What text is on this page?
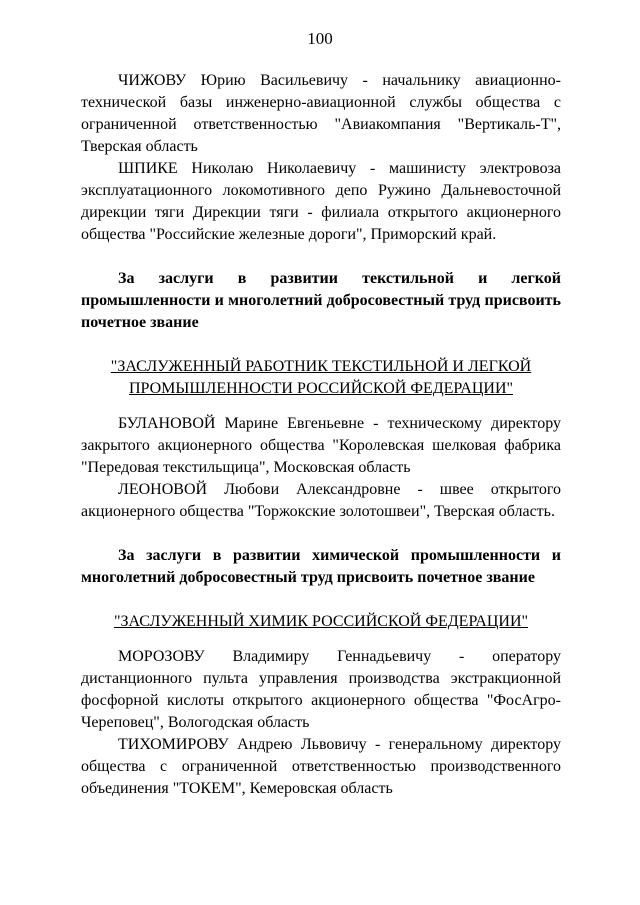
100

ЧИЖОВУ Юрию Васильевичу - начальнику авиационно-технической базы инженерно-авиационной службы общества с ограниченной ответственностью "Авиакомпания "Вертикаль-Т", Тверская область

ШПИКЕ Николаю Николаевичу - машинисту электровоза эксплуатационного локомотивного депо Ружино Дальневосточной дирекции тяги Дирекции тяги - филиала открытого акционерного общества "Российские железные дороги", Приморский край.

За заслуги в развитии текстильной и легкой промышленности и многолетний добросовестный труд присвоить почетное звание

"ЗАСЛУЖЕННЫЙ РАБОТНИК ТЕКСТИЛЬНОЙ И ЛЕГКОЙ
ПРОМЫШЛЕННОСТИ РОССИЙСКОЙ ФЕДЕРАЦИИ"

БУЛАНОВОЙ Марине Евгеньевне - техническому директору закрытого акционерного общества "Королевская шелковая фабрика "Передовая текстильщица", Московская область

ЛЕОНОВОЙ Любови Александровне - швее открытого акционерного общества "Торжокские золотошвеи", Тверская область.

За заслуги в развитии химической промышленности и многолетний добросовестный труд присвоить почетное звание

"ЗАСЛУЖЕННЫЙ ХИМИК РОССИЙСКОЙ ФЕДЕРАЦИИ"

МОРОЗОВУ Владимиру Геннадьевичу - оператору дистанционного пульта управления производства экстракционной фосфорной кислоты открытого акционерного общества "ФосАгро-Череповец", Вологодская область

ТИХОМИРОВУ Андрею Львовичу - генеральному директору общества с ограниченной ответственностью производственного объединения "ТОКЕМ", Кемеровская область
